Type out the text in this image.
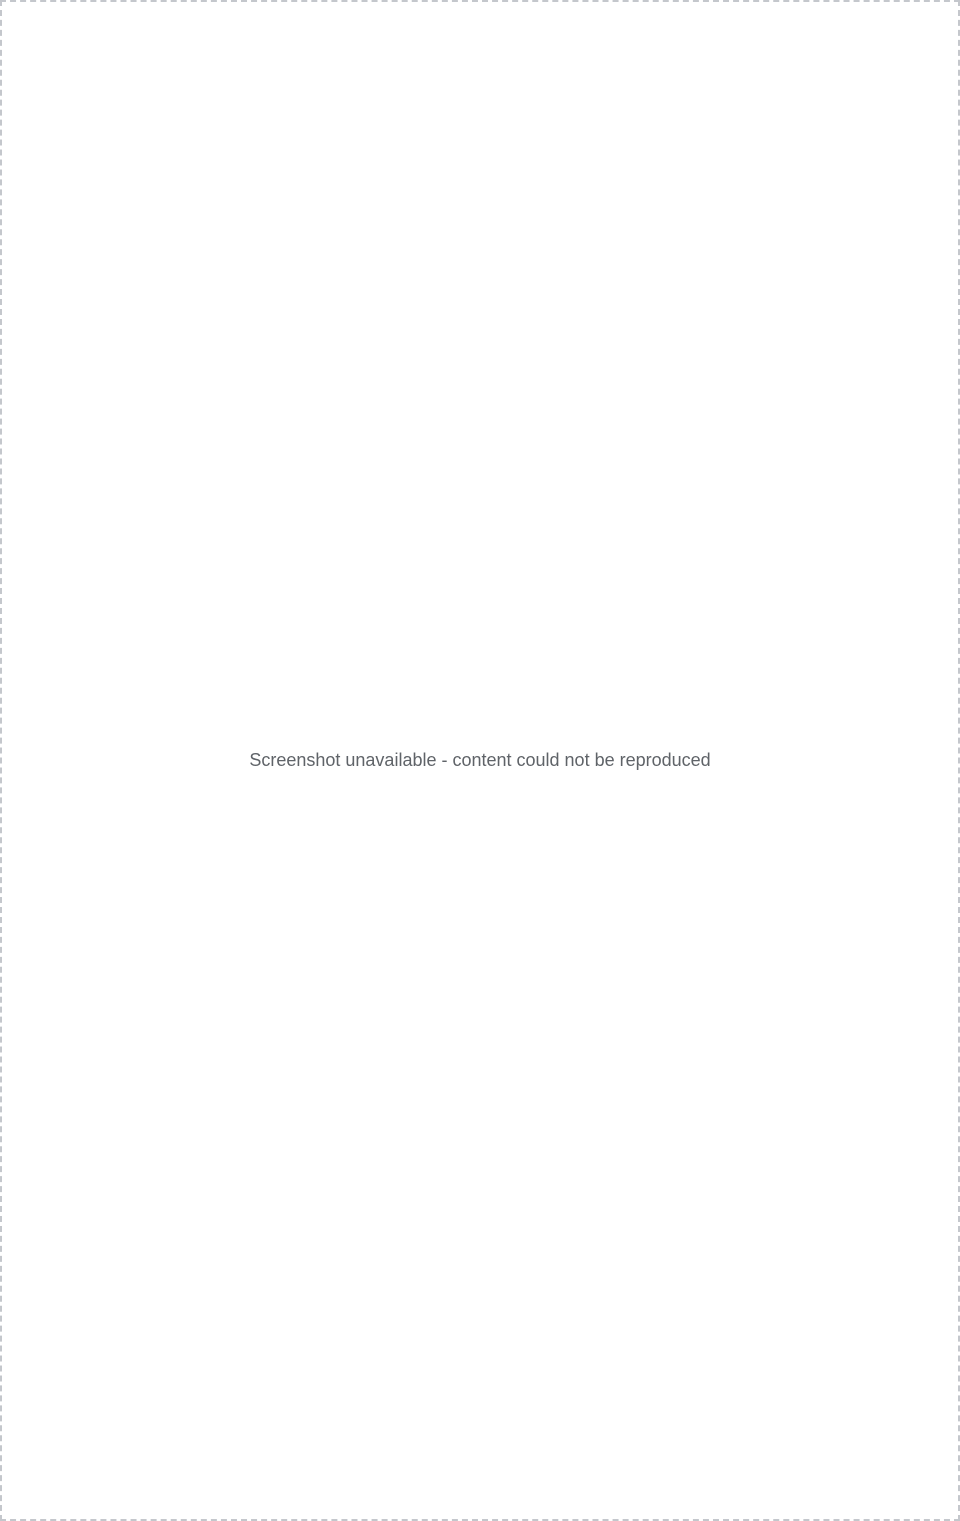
Screenshot unavailable - content could not be reproduced
